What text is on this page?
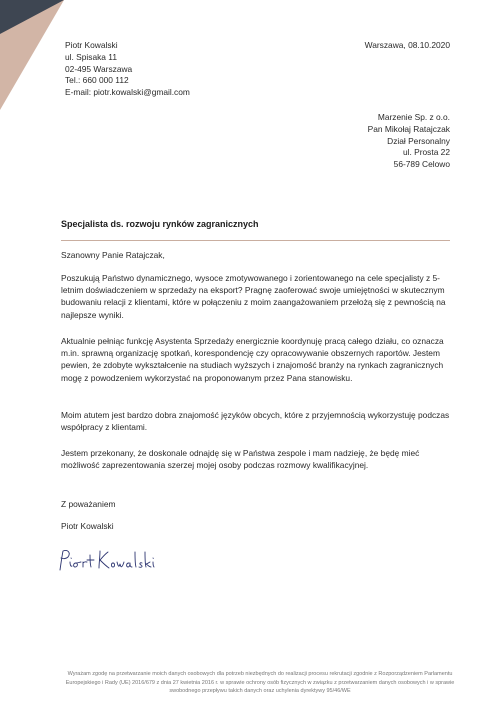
Piotr Kowalski
ul. Spisaka 11
02-495 Warszawa
Tel.: 660 000 112
E-mail: piotr.kowalski@gmail.com

Warszawa, 08.10.2020

Marzenie Sp. z o.o.
Pan Mikołaj Ratajczak
Dział Personalny
ul. Prosta 22
56-789 Celowo

Specjalista ds. rozwoju rynków zagranicznych

Szanowny Panie Ratajczak,

Poszukują Państwo dynamicznego, wysoce zmotywowanego i zorientowanego na cele specjalisty z 5-letnim doświadczeniem w sprzedaży na eksport? Pragnę zaoferować swoje umiejętności w skutecznym budowaniu relacji z klientami, które w połączeniu z moim zaangażowaniem przełożą się z pewnością na najlepsze wyniki.

Aktualnie pełniąc funkcję Asystenta Sprzedaży energicznie koordynuję pracą całego działu, co oznacza m.in. sprawną organizację spotkań, korespondencję czy opracowywanie obszernych raportów. Jestem pewien, że zdobyte wykształcenie na studiach wyższych i znajomość branży na rynkach zagranicznych mogę z powodzeniem wykorzystać na proponowanym przez Pana stanowisku.

Moim atutem jest bardzo dobra znajomość języków obcych, które z przyjemnością wykorzystuję podczas współpracy z klientami.

Jestem przekonany, że doskonale odnajdę się w Państwa zespole i mam nadzieję, że będę mieć możliwość zaprezentowania szerzej mojej osoby podczas rozmowy kwalifikacyjnej.

Z poważaniem

Piotr Kowalski

Wyrażam zgodę na przetwarzanie moich danych osobowych dla potrzeb niezbędnych do realizacji procesu rekrutacji zgodnie z Rozporządzeniem Parlamentu Europejskiego i Rady (UE) 2016/679 z dnia 27 kwietnia 2016 r. w sprawie ochrony osób fizycznych w związku z przetwarzaniem danych osobowych i w sprawie swobodnego przepływu takich danych oraz uchylenia dyrektywy 95/46/WE
